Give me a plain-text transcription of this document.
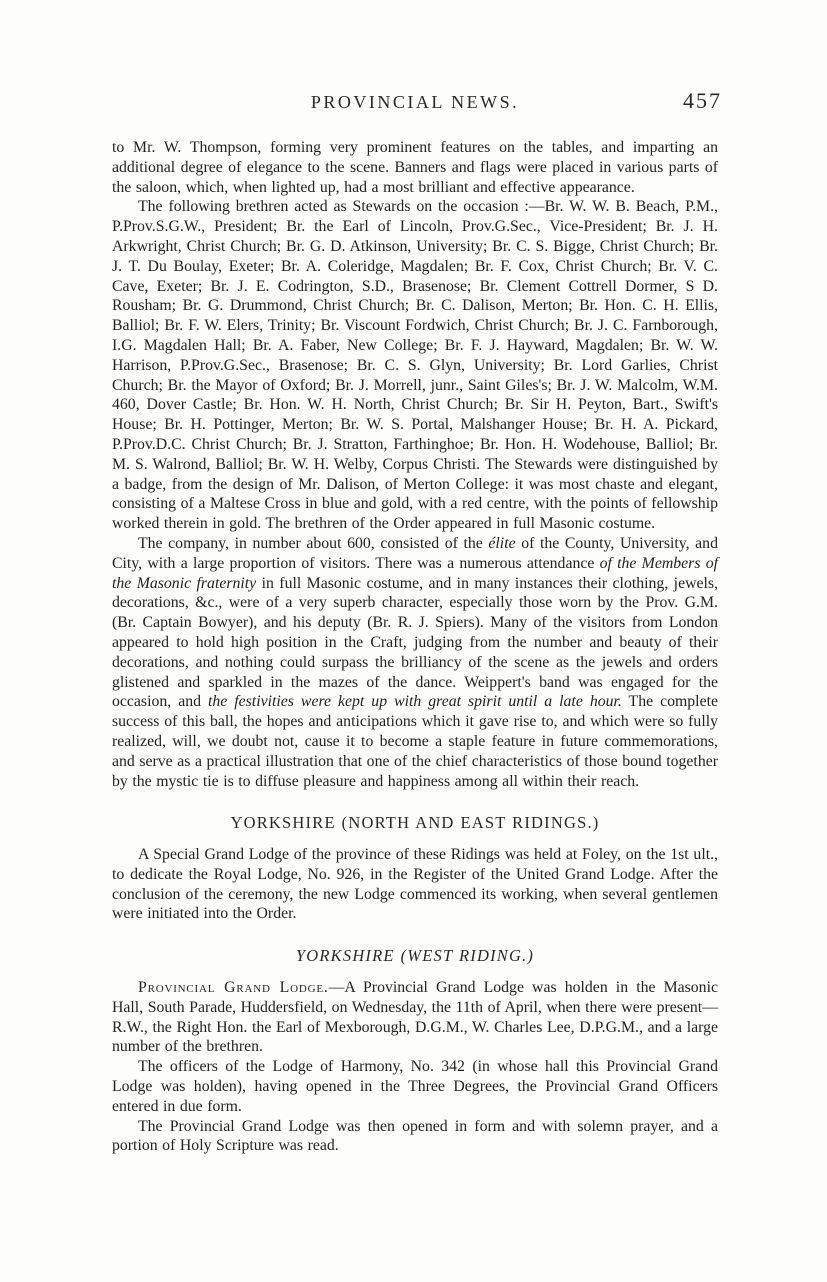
PROVINCIAL NEWS.	457

to Mr. W. Thompson, forming very prominent features on the tables, and imparting an additional degree of elegance to the scene. Banners and flags were placed in various parts of the saloon, which, when lighted up, had a most brilliant and effective appearance.

The following brethren acted as Stewards on the occasion :—Br. W. W. B. Beach, P.M., P.Prov.S.G.W., President; Br. the Earl of Lincoln, Prov.G.Sec., Vice-President; Br. J. H. Arkwright, Christ Church; Br. G. D. Atkinson, University; Br. C. S. Bigge, Christ Church; Br. J. T. Du Boulay, Exeter; Br. A. Coleridge, Magdalen; Br. F. Cox, Christ Church; Br. V. C. Cave, Exeter; Br. J. E. Codrington, S.D., Brasenose; Br. Clement Cottrell Dormer, S D. Rousham; Br. G. Drummond, Christ Church; Br. C. Dalison, Merton; Br. Hon. C. H. Ellis, Balliol; Br. F. W. Elers, Trinity; Br. Viscount Fordwich, Christ Church; Br. J. C. Farnborough, I.G. Magdalen Hall; Br. A. Faber, New College; Br. F. J. Hayward, Magdalen; Br. W. W. Harrison, P.Prov.G.Sec., Brasenose; Br. C. S. Glyn, University; Br. Lord Garlies, Christ Church; Br. the Mayor of Oxford; Br. J. Morrell, junr., Saint Giles's; Br. J. W. Malcolm, W.M. 460, Dover Castle; Br. Hon. W. H. North, Christ Church; Br. Sir H. Peyton, Bart., Swift's House; Br. H. Pottinger, Merton; Br. W. S. Portal, Malshanger House; Br. H. A. Pickard, P.Prov.D.C. Christ Church; Br. J. Stratton, Farthinghoe; Br. Hon. H. Wodehouse, Balliol; Br. M. S. Walrond, Balliol; Br. W. H. Welby, Corpus Christi. The Stewards were distinguished by a badge, from the design of Mr. Dalison, of Merton College: it was most chaste and elegant, consisting of a Maltese Cross in blue and gold, with a red centre, with the points of fellowship worked therein in gold. The brethren of the Order appeared in full Masonic costume.

The company, in number about 600, consisted of the élite of the County, University, and City, with a large proportion of visitors. There was a numerous attendance of the Members of the Masonic fraternity in full Masonic costume, and in many instances their clothing, jewels, decorations, &c., were of a very superb character, especially those worn by the Prov. G.M. (Br. Captain Bowyer), and his deputy (Br. R. J. Spiers). Many of the visitors from London appeared to hold high position in the Craft, judging from the number and beauty of their decorations, and nothing could surpass the brilliancy of the scene as the jewels and orders glistened and sparkled in the mazes of the dance. Weippert's band was engaged for the occasion, and the festivities were kept up with great spirit until a late hour. The complete success of this ball, the hopes and anticipations which it gave rise to, and which were so fully realized, will, we doubt not, cause it to become a staple feature in future commemorations, and serve as a practical illustration that one of the chief characteristics of those bound together by the mystic tie is to diffuse pleasure and happiness among all within their reach.

YORKSHIRE (NORTH AND EAST RIDINGS.)

A Special Grand Lodge of the province of these Ridings was held at Foley, on the 1st ult., to dedicate the Royal Lodge, No. 926, in the Register of the United Grand Lodge. After the conclusion of the ceremony, the new Lodge commenced its working, when several gentlemen were initiated into the Order.

YORKSHIRE (WEST RIDING.)

Provincial Grand Lodge.—A Provincial Grand Lodge was holden in the Masonic Hall, South Parade, Huddersfield, on Wednesday, the 11th of April, when there were present—R.W., the Right Hon. the Earl of Mexborough, D.G.M., W. Charles Lee, D.P.G.M., and a large number of the brethren.

The officers of the Lodge of Harmony, No. 342 (in whose hall this Provincial Grand Lodge was holden), having opened in the Three Degrees, the Provincial Grand Officers entered in due form.

The Provincial Grand Lodge was then opened in form and with solemn prayer, and a portion of Holy Scripture was read.
